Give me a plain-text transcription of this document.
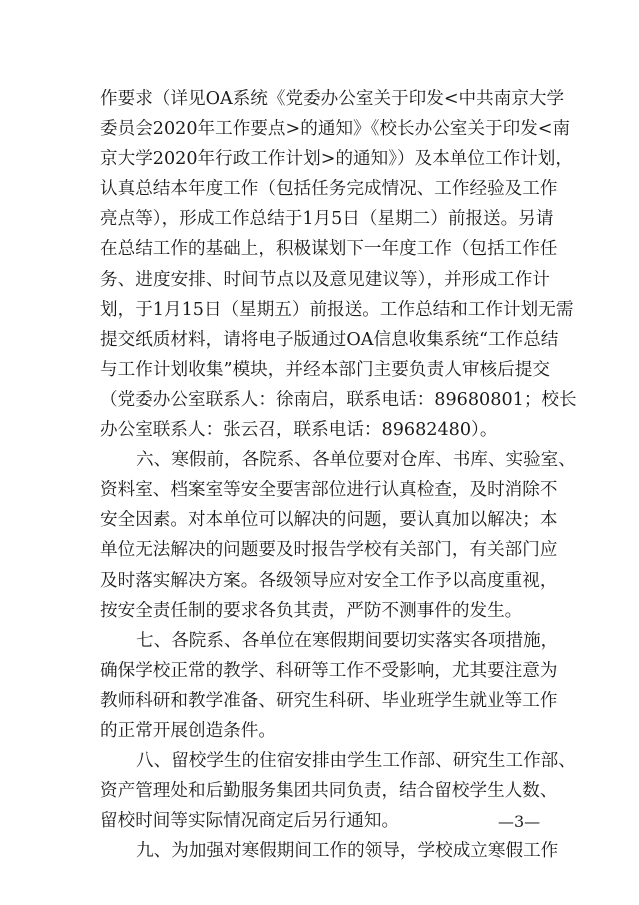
作要求（详见OA系统《党委办公室关于印发<中共南京大学
委员会2020年工作要点>的通知》《校长办公室关于印发<南
京大学2020年行政工作计划>的通知》）及本单位工作计划，
认真总结本年度工作（包括任务完成情况、工作经验及工作
亮点等），形成工作总结于1月5日（星期二）前报送。另请
在总结工作的基础上，积极谋划下一年度工作（包括工作任
务、进度安排、时间节点以及意见建议等），并形成工作计
划，于1月15日（星期五）前报送。工作总结和工作计划无需
提交纸质材料，请将电子版通过OA信息收集系统“工作总结
与工作计划收集”模块，并经本部门主要负责人审核后提交
（党委办公室联系人：徐南启，联系电话：89680801；校长
办公室联系人：张云召，联系电话：89682480）。
六、寒假前，各院系、各单位要对仓库、书库、实验室、
资料室、档案室等安全要害部位进行认真检查，及时消除不
安全因素。对本单位可以解决的问题，要认真加以解决；本
单位无法解决的问题要及时报告学校有关部门，有关部门应
及时落实解决方案。各级领导应对安全工作予以高度重视，
按安全责任制的要求各负其责，严防不测事件的发生。
七、各院系、各单位在寒假期间要切实落实各项措施，
确保学校正常的教学、科研等工作不受影响，尤其要注意为
教师科研和教学准备、研究生科研、毕业班学生就业等工作
的正常开展创造条件。
八、留校学生的住宿安排由学生工作部、研究生工作部、
资产管理处和后勤服务集团共同负责，结合留校学生人数、
留校时间等实际情况商定后另行通知。
九、为加强对寒假期间工作的领导，学校成立寒假工作
—3—
